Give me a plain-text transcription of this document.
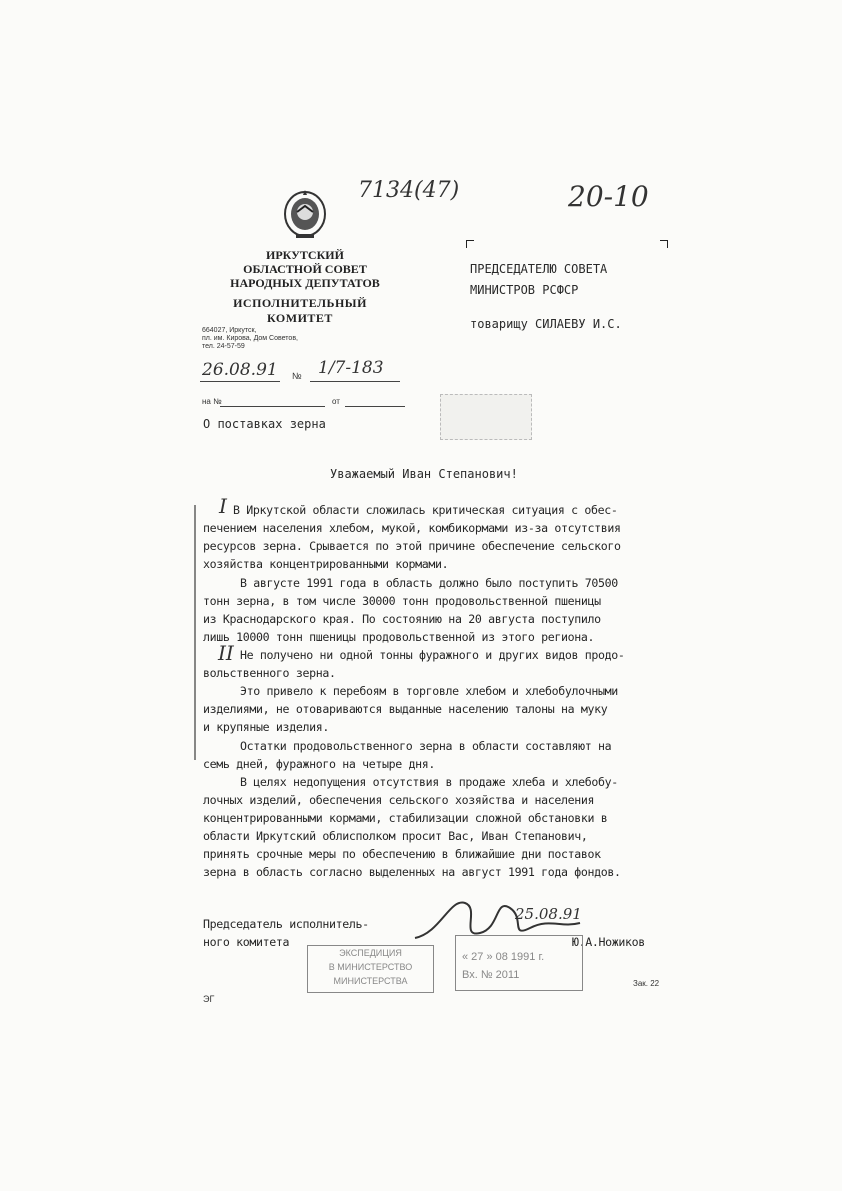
7134(47)	20-10
ИРКУТСКИЙ
ОБЛАСТНОЙ СОВЕТ
НАРОДНЫХ ДЕПУТАТОВ
ИСПОЛНИТЕЛЬНЫЙ КОМИТЕТ
664027, Иркутск,
пл. им. Кирова, Дом Советов,
тел. 24-57-59
26.08.91 № 1/7-183
на №	от
О поставках зерна
ПРЕДСЕДАТЕЛЮ СОВЕТА
МИНИСТРОВ РСФСР
товарищу СИЛАЕВУ И.С.
Уважаемый Иван Степанович!
I
II
В Иркутской области сложилась критическая ситуация с обес-
печением населения хлебом, мукой, комбикормами из-за отсутствия
ресурсов зерна. Срывается по этой причине обеспечение сельского
хозяйства концентрированными кормами.
В августе 1991 года в область должно было поступить 70500
тонн зерна, в том числе 30000 тонн продовольственной пшеницы
из Краснодарского края. По состоянию на 20 августа поступило
лишь 10000 тонн пшеницы продовольственной из этого региона.
Не получено ни одной тонны фуражного и других видов продо-
вольственного зерна.
Это привело к перебоям в торговле хлебом и хлебобулочными
изделиями, не отовариваются выданные населению талоны на муку
и крупяные изделия.
Остатки продовольственного зерна в области составляют на
семь дней, фуражного на четыре дня.
В целях недопущения отсутствия в продаже хлеба и хлебобу-
лочных изделий, обеспечения сельского хозяйства и населения
концентрированными кормами, стабилизации сложной обстановки в
области Иркутский облисполком просит Вас, Иван Степанович,
принять срочные меры по обеспечению в ближайшие дни поставок
зерна в область согласно выделенных на август 1991 года фондов.
Председатель исполнитель-
ного комитета	Ю.А.Ножиков
25.08.91
ЭКСПЕДИЦИЯ
В МИНИСТЕРСТВО
МИНИСТЕРСТВА
« 27 » 08 1991 г.
Вх. № 2011
ЭГ
Зак. 22
